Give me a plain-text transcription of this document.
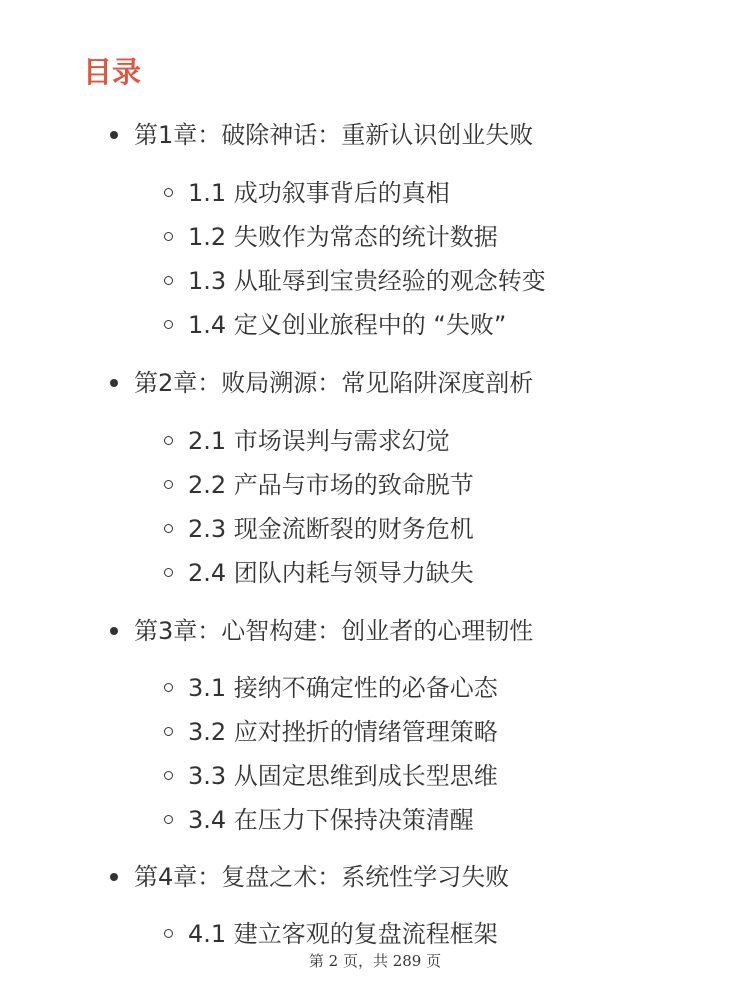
目录
第1章：破除神话：重新认识创业失败
1.1 成功叙事背后的真相
1.2 失败作为常态的统计数据
1.3 从耻辱到宝贵经验的观念转变
1.4 定义创业旅程中的 “失败”
第2章：败局溯源：常见陷阱深度剖析
2.1 市场误判与需求幻觉
2.2 产品与市场的致命脱节
2.3 现金流断裂的财务危机
2.4 团队内耗与领导力缺失
第3章：心智构建：创业者的心理韧性
3.1 接纳不确定性的必备心态
3.2 应对挫折的情绪管理策略
3.3 从固定思维到成长型思维
3.4 在压力下保持决策清醒
第4章：复盘之术：系统性学习失败
4.1 建立客观的复盘流程框架
第 2 页，共 289 页
